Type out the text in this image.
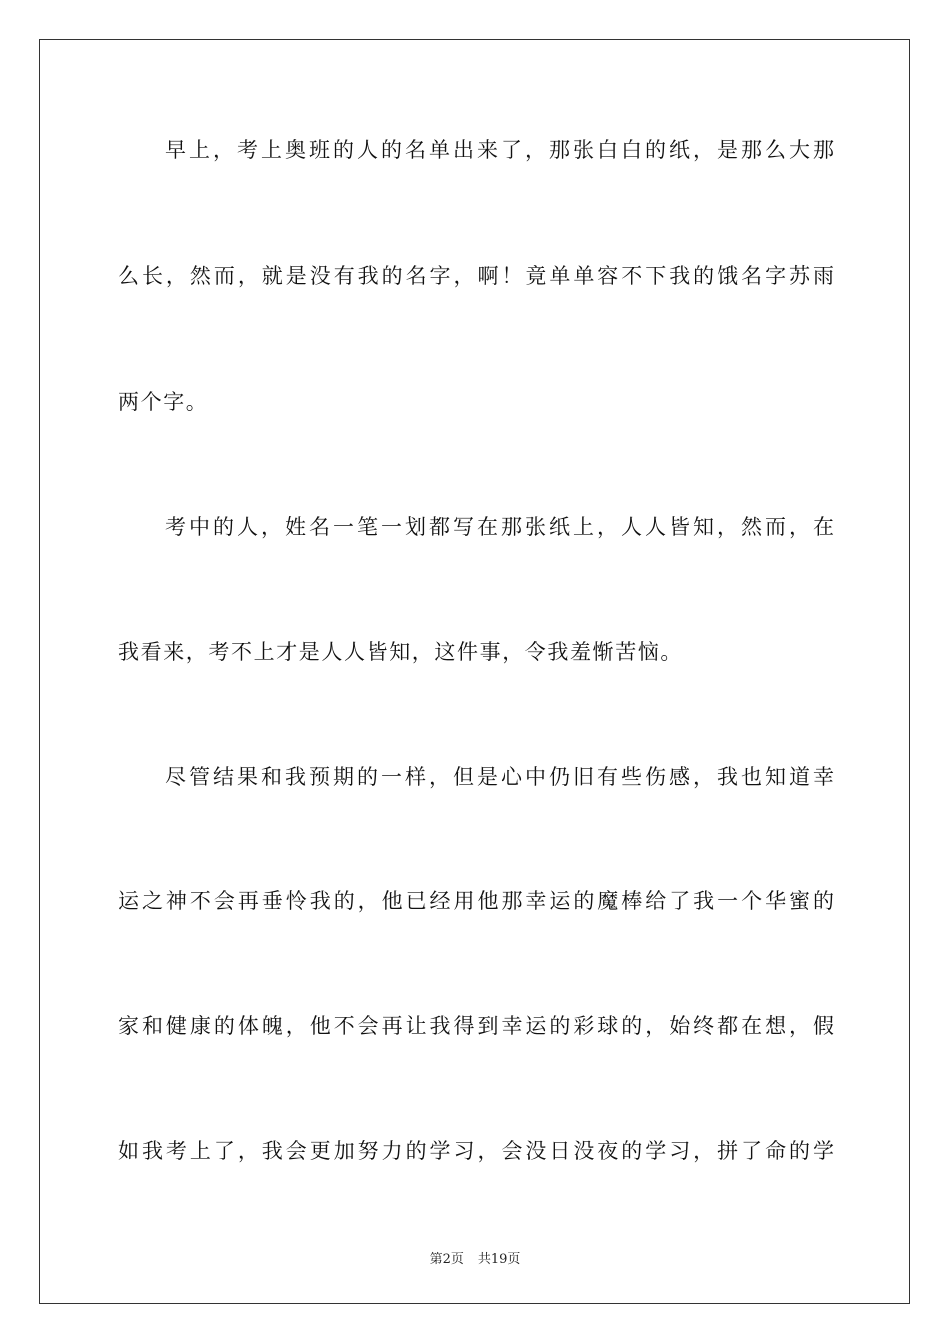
早上，考上奥班的人的名单出来了，那张白白的纸，是那么大那
么长，然而，就是没有我的名字，啊！竟单单容不下我的饿名字苏雨
两个字。
考中的人，姓名一笔一划都写在那张纸上，人人皆知，然而，在
我看来，考不上才是人人皆知，这件事，令我羞惭苦恼。
尽管结果和我预期的一样，但是心中仍旧有些伤感，我也知道幸
运之神不会再垂怜我的，他已经用他那幸运的魔棒给了我一个华蜜的
家和健康的体魄，他不会再让我得到幸运的彩球的，始终都在想，假
如我考上了，我会更加努力的学习，会没日没夜的学习，拼了命的学
第2页 共19页
